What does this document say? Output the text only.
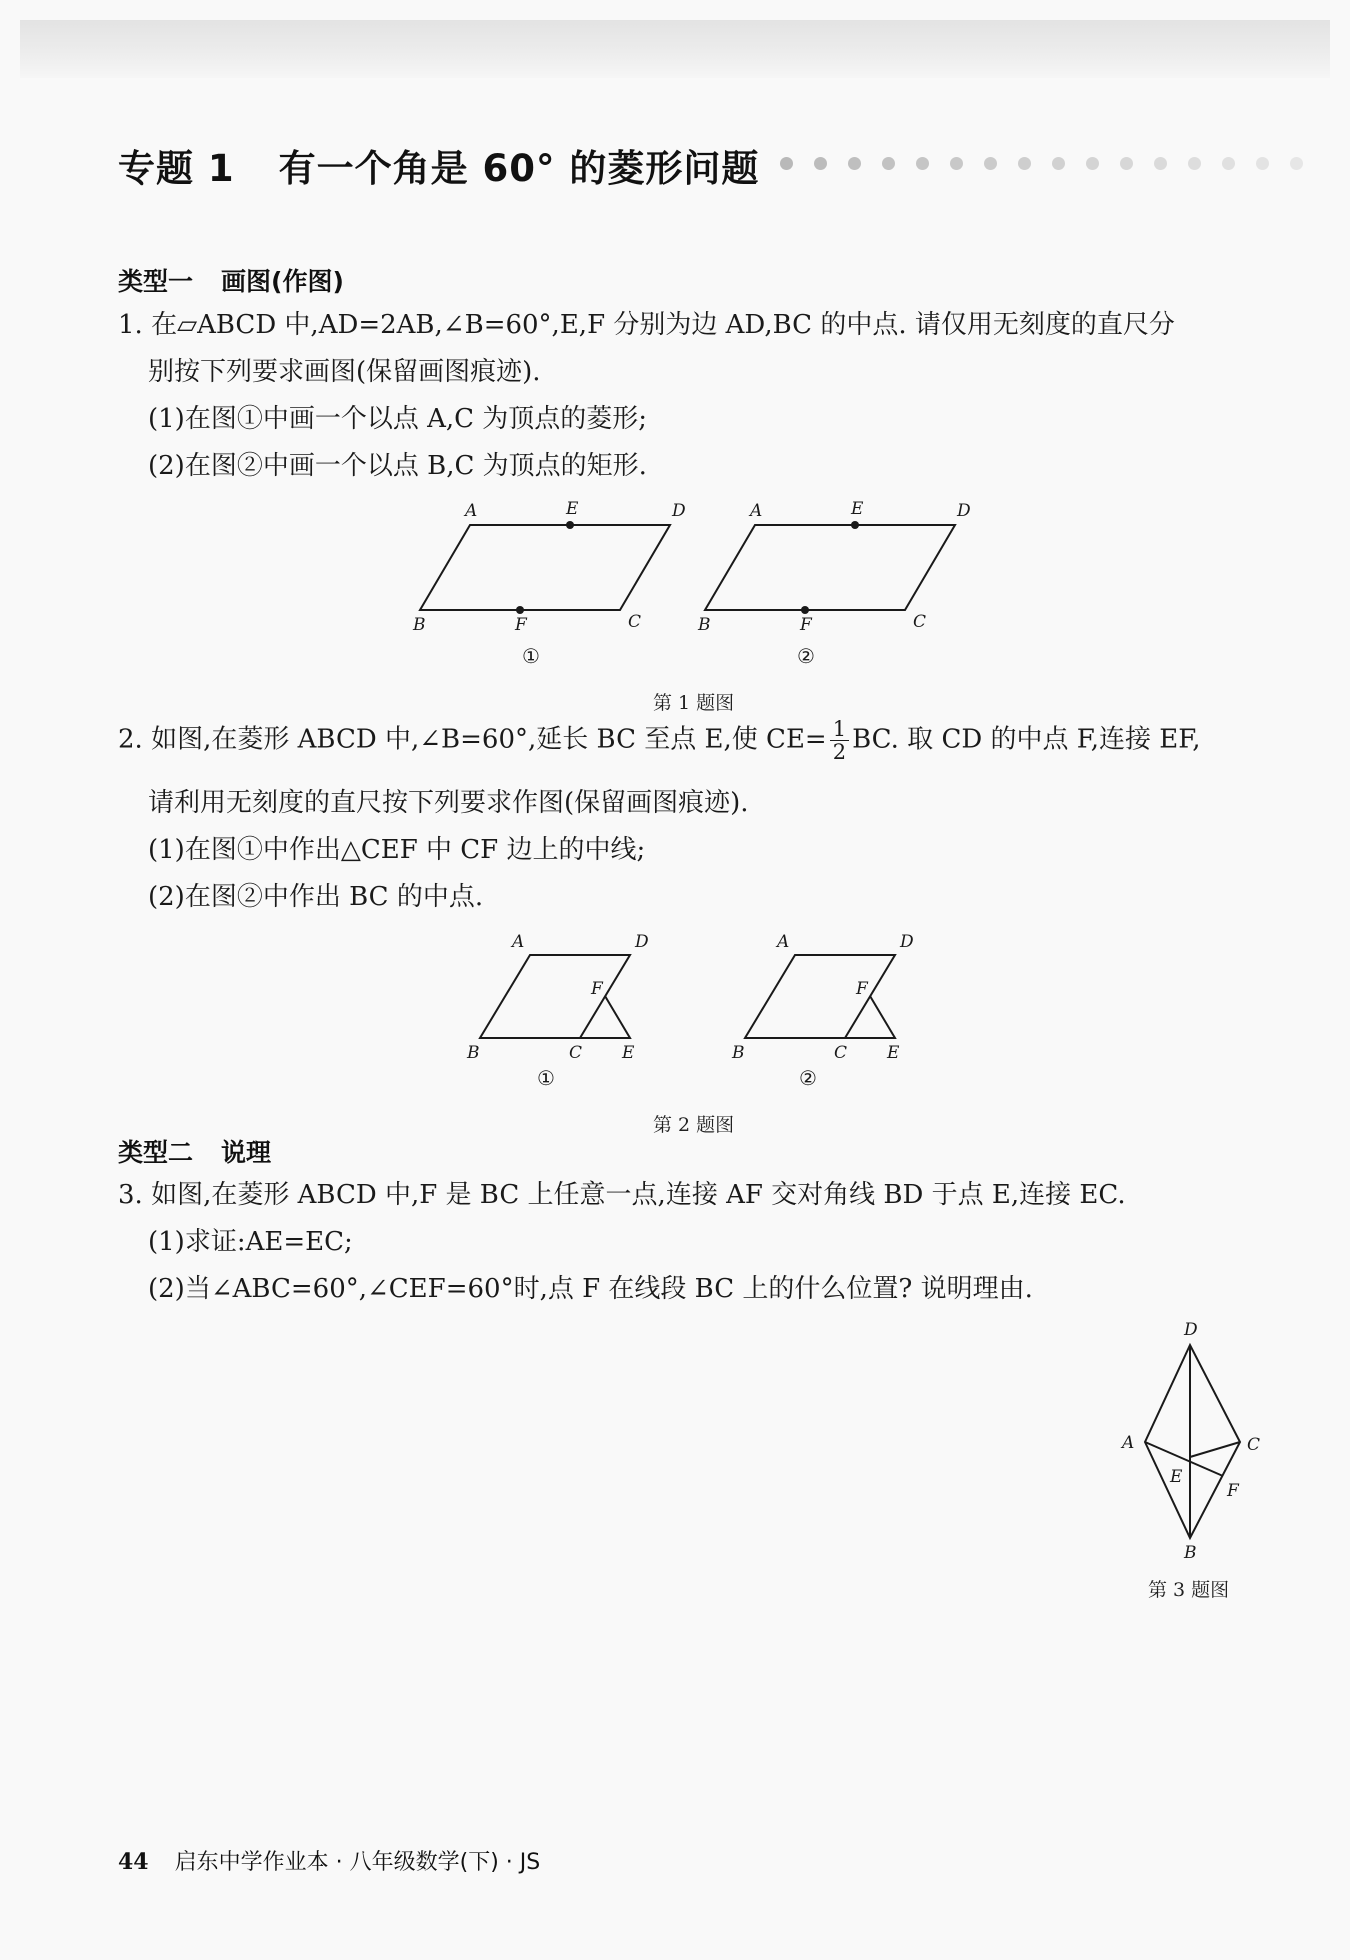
专题 1 有一个角是 60° 的菱形问题
类型一 画图(作图)
1. 在▱ABCD 中,AD=2AB,∠B=60°,E,F 分别为边 AD,BC 的中点. 请仅用无刻度的直尺分
别按下列要求画图(保留画图痕迹).
(1)在图①中画一个以点 A,C 为顶点的菱形;
(2)在图②中画一个以点 B,C 为顶点的矩形.
A	E	D
B	F	C
①
A	E	D
B	F	C
②
第 1 题图
2. 如图,在菱形 ABCD 中,∠B=60°,延长 BC 至点 E,使 $CE= \frac{1}{2}$ BC. 取 CD 的中点 F,连接 EF,
请利用无刻度的直尺按下列要求作图(保留画图痕迹).
(1)在图①中作出△CEF 中 CF 边上的中线;
(2)在图②中作出 BC 的中点.
A	D
F
B	C E
①
A	D
F
B	C E
②
第 2 题图
类型二 说理
3. 如图,在菱形 ABCD 中,F 是 BC 上任意一点,连接 AF 交对角线 BD 于点 E,连接 EC.
(1)求证:AE=EC;
(2)当∠ABC=60°,∠CEF=60°时,点 F 在线段 BC 上的什么位置? 说明理由.
D
A	C
E
F
B
第 3 题图
44 启东中学作业本 · 八年级数学(下) · JS
